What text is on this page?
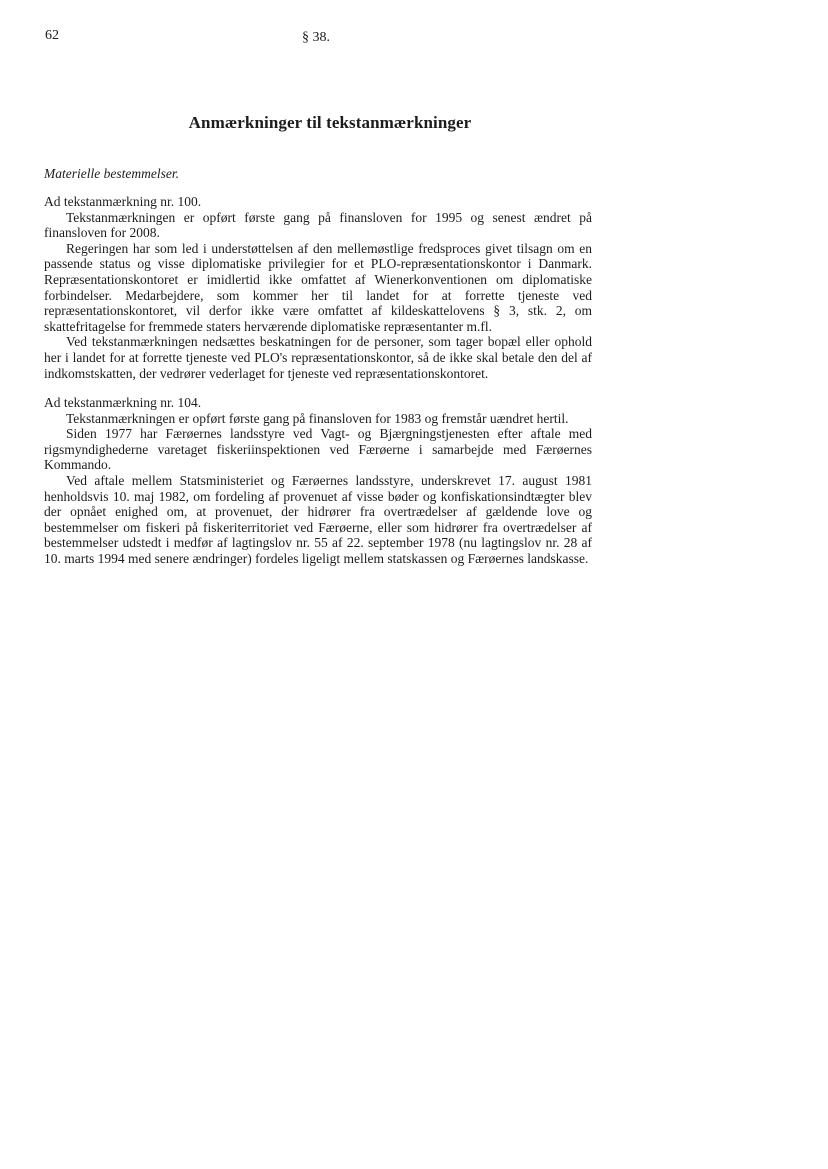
62	§ 38.
Anmærkninger til tekstanmærkninger

Materielle bestemmelser.

Ad tekstanmærkning nr. 100.

Tekstanmærkningen er opført første gang på finansloven for 1995 og senest ændret på finansloven for 2008.

Regeringen har som led i understøttelsen af den mellemøstlige fredsproces givet tilsagn om en passende status og visse diplomatiske privilegier for et PLO-repræsentationskontor i Danmark. Repræsentationskontoret er imidlertid ikke omfattet af Wienerkonventionen om diplomatiske forbindelser. Medarbejdere, som kommer her til landet for at forrette tjeneste ved repræsentationskontoret, vil derfor ikke være omfattet af kildeskattelovens § 3, stk. 2, om skattefritagelse for fremmede staters herværende diplomatiske repræsentanter m.fl.

Ved tekstanmærkningen nedsættes beskatningen for de personer, som tager bopæl eller ophold her i landet for at forrette tjeneste ved PLO's repræsentationskontor, så de ikke skal betale den del af indkomstskatten, der vedrører vederlaget for tjeneste ved repræsentationskontoret.

Ad tekstanmærkning nr. 104.

Tekstanmærkningen er opført første gang på finansloven for 1983 og fremstår uændret hertil.

Siden 1977 har Færøernes landsstyre ved Vagt- og Bjærgningstjenesten efter aftale med rigsmyndighederne varetaget fiskeriinspektionen ved Færøerne i samarbejde med Færøernes Kommando.

Ved aftale mellem Statsministeriet og Færøernes landsstyre, underskrevet 17. august 1981 henholdsvis 10. maj 1982, om fordeling af provenuet af visse bøder og konfiskationsindtægter blev der opnået enighed om, at provenuet, der hidrører fra overtrædelser af gældende love og bestemmelser om fiskeri på fiskeriterritoriet ved Færøerne, eller som hidrører fra overtrædelser af bestemmelser udstedt i medfør af lagtingslov nr. 55 af 22. september 1978 (nu lagtingslov nr. 28 af 10. marts 1994 med senere ændringer) fordeles ligeligt mellem statskassen og Færøernes landskasse.
